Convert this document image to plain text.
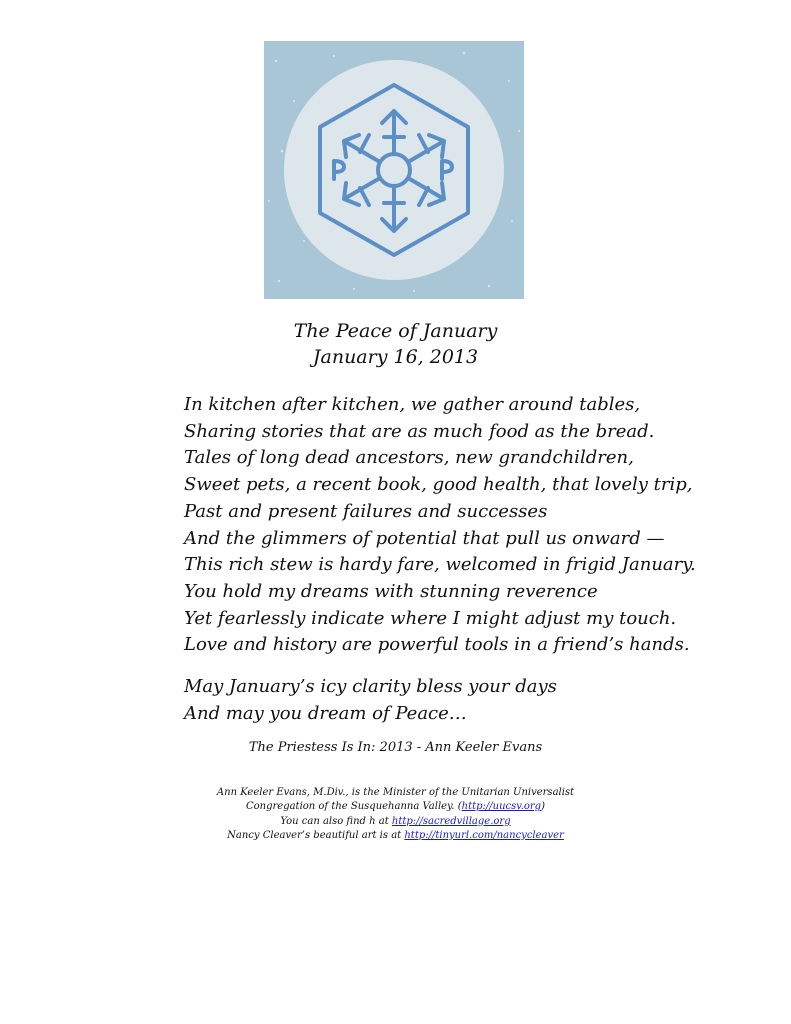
The Peace of January
January 16, 2013
In kitchen after kitchen, we gather around tables,
Sharing stories that are as much food as the bread.
Tales of long dead ancestors, new grandchildren,
Sweet pets, a recent book, good health, that lovely trip,
Past and present failures and successes
And the glimmers of potential that pull us onward —
This rich stew is hardy fare, welcomed in frigid January.
You hold my dreams with stunning reverence
Yet fearlessly indicate where I might adjust my touch.
Love and history are powerful tools in a friend’s hands.
May January’s icy clarity bless your days
And may you dream of Peace…
The Priestess Is In: 2013 - Ann Keeler Evans
Ann Keeler Evans, M.Div., is the Minister of the Unitarian Universalist
Congregation of the Susquehanna Valley. (http://uucsv.org)
You can also find h at http://sacredvillage.org
Nancy Cleaver’s beautiful art is at http://tinyurl.com/nancycleaver
